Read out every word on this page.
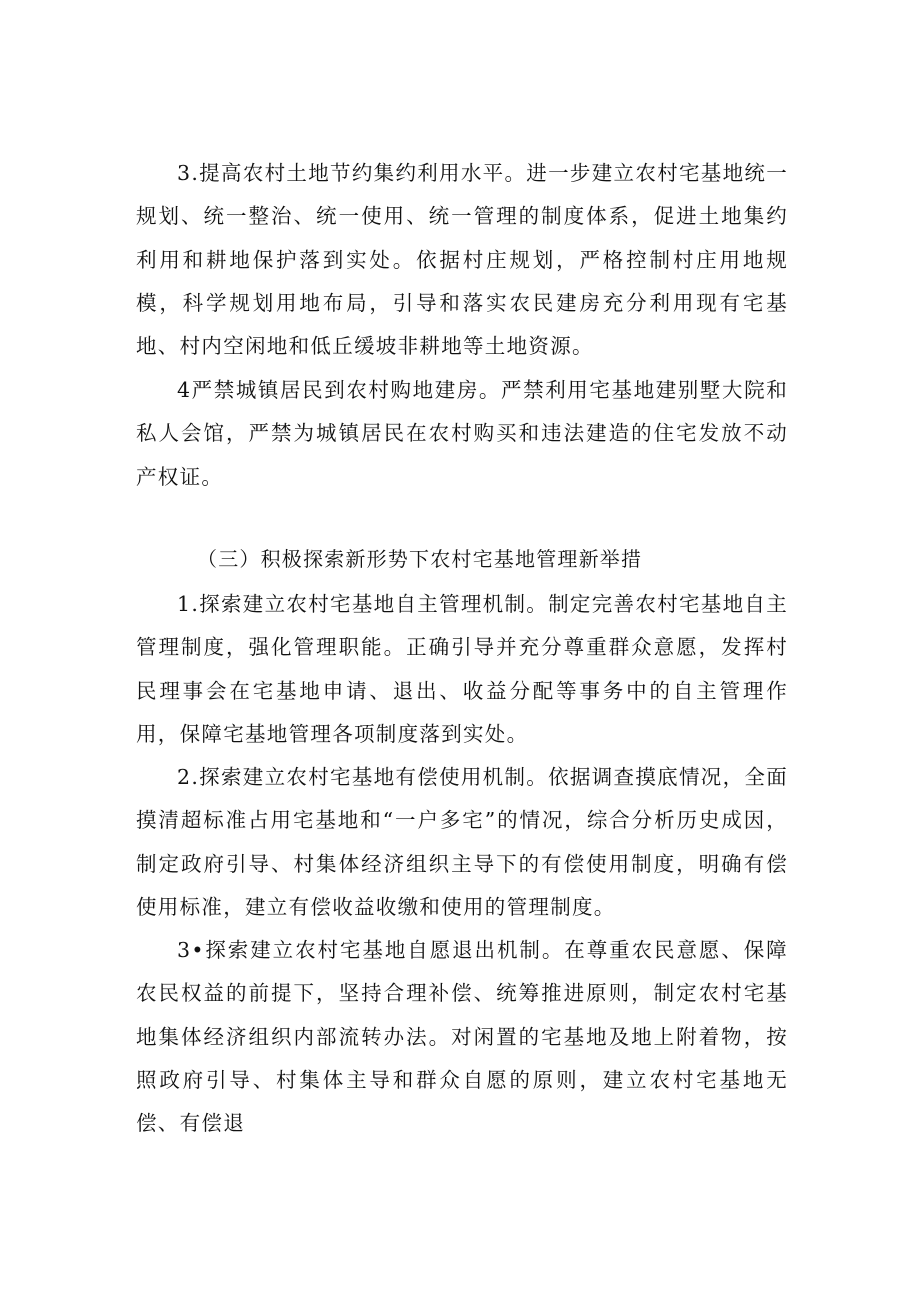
3.提高农村土地节约集约利用水平。进一步建立农村宅基地统一规划、统一整治、统一使用、统一管理的制度体系，促进土地集约利用和耕地保护落到实处。依据村庄规划，严格控制村庄用地规模，科学规划用地布局，引导和落实农民建房充分利用现有宅基地、村内空闲地和低丘缓坡非耕地等土地资源。

4严禁城镇居民到农村购地建房。严禁利用宅基地建别墅大院和私人会馆，严禁为城镇居民在农村购买和违法建造的住宅发放不动产权证。

（三）积极探索新形势下农村宅基地管理新举措

1.探索建立农村宅基地自主管理机制。制定完善农村宅基地自主管理制度，强化管理职能。正确引导并充分尊重群众意愿，发挥村民理事会在宅基地申请、退出、收益分配等事务中的自主管理作用，保障宅基地管理各项制度落到实处。

2.探索建立农村宅基地有偿使用机制。依据调查摸底情况，全面摸清超标准占用宅基地和“一户多宅”的情况，综合分析历史成因，制定政府引导、村集体经济组织主导下的有偿使用制度，明确有偿使用标准，建立有偿收益收缴和使用的管理制度。

3•探索建立农村宅基地自愿退出机制。在尊重农民意愿、保障农民权益的前提下，坚持合理补偿、统筹推进原则，制定农村宅基地集体经济组织内部流转办法。对闲置的宅基地及地上附着物，按照政府引导、村集体主导和群众自愿的原则，建立农村宅基地无偿、有偿退
